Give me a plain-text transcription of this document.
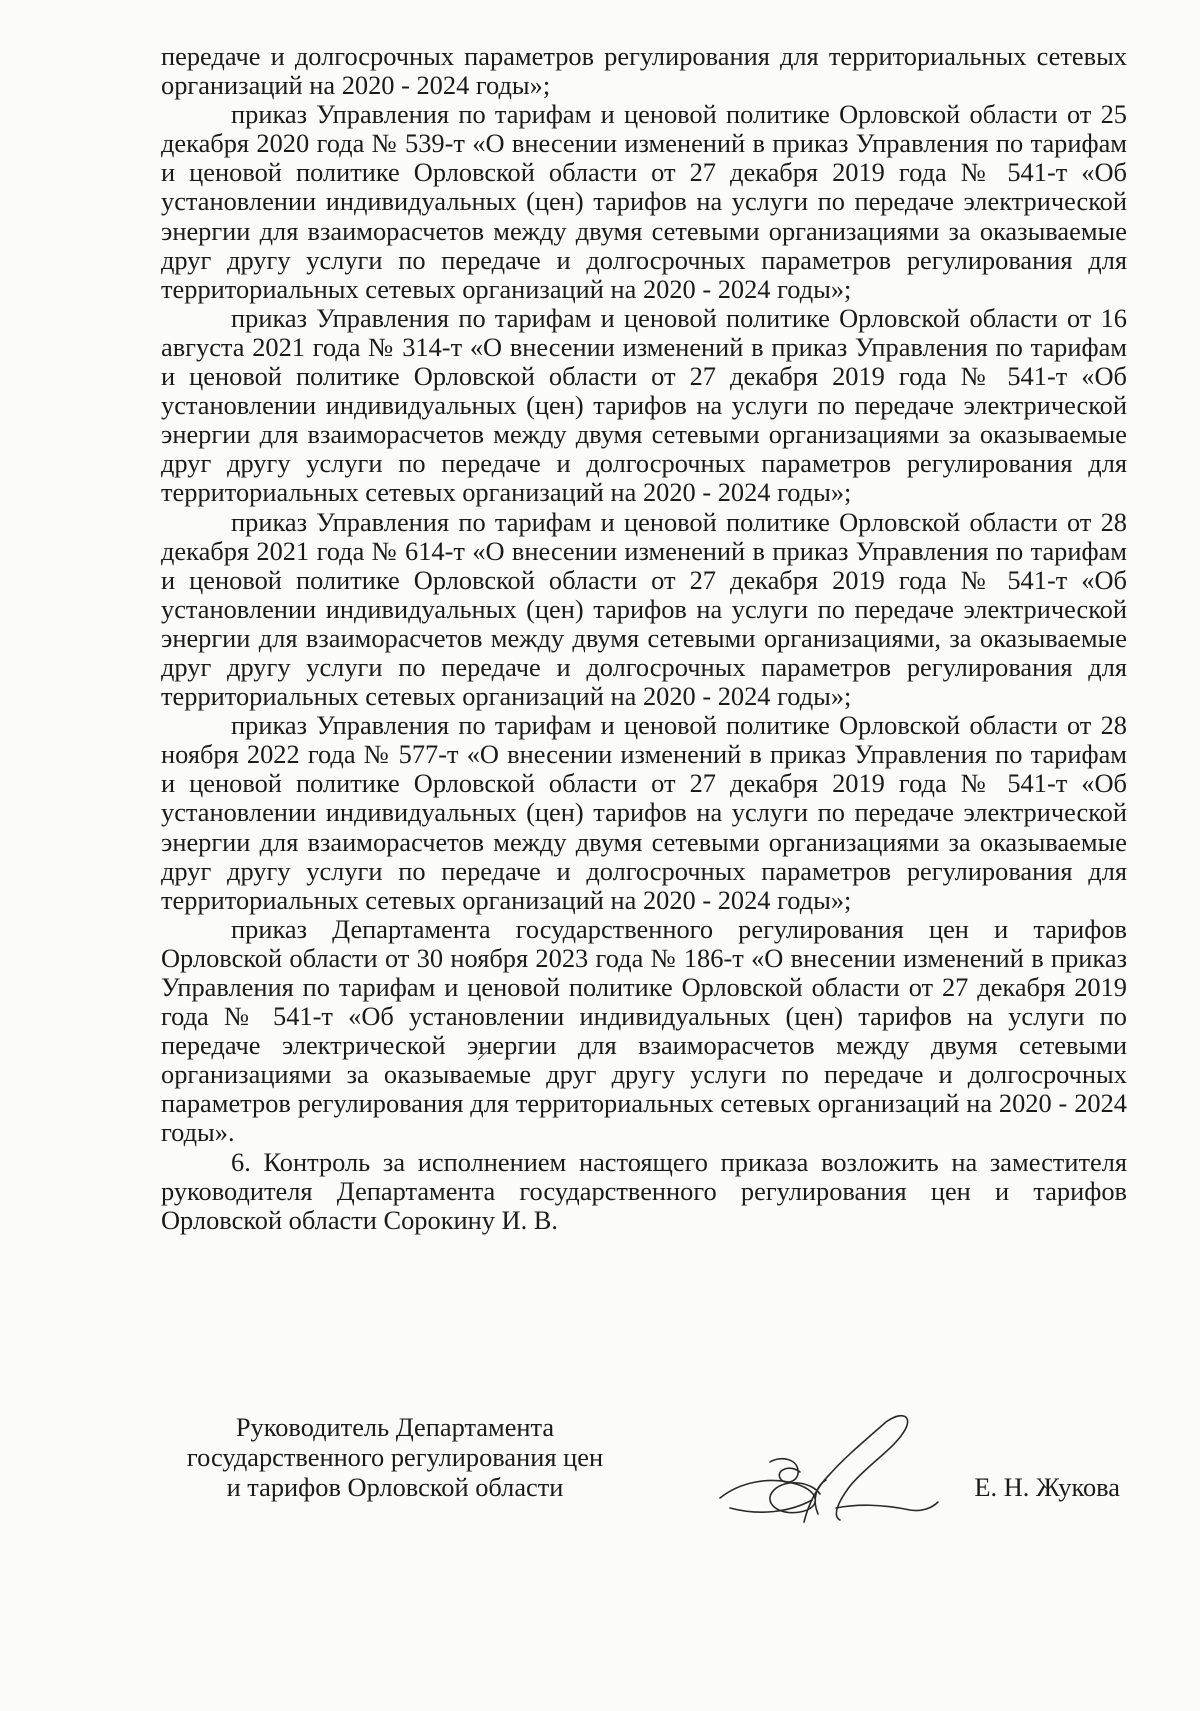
передаче и долгосрочных параметров регулирования для территориальных сетевых организаций на 2020 - 2024 годы»;

приказ Управления по тарифам и ценовой политике Орловской области от 25 декабря 2020 года № 539-т «О внесении изменений в приказ Управления по тарифам и ценовой политике Орловской области от 27 декабря 2019 года № 541-т «Об установлении индивидуальных (цен) тарифов на услуги по передаче электрической энергии для взаиморасчетов между двумя сетевыми организациями за оказываемые друг другу услуги по передаче и долгосрочных параметров регулирования для территориальных сетевых организаций на 2020 - 2024 годы»;

приказ Управления по тарифам и ценовой политике Орловской области от 16 августа 2021 года № 314-т «О внесении изменений в приказ Управления по тарифам и ценовой политике Орловской области от 27 декабря 2019 года № 541-т «Об установлении индивидуальных (цен) тарифов на услуги по передаче электрической энергии для взаиморасчетов между двумя сетевыми организациями за оказываемые друг другу услуги по передаче и долгосрочных параметров регулирования для территориальных сетевых организаций на 2020 - 2024 годы»;

приказ Управления по тарифам и ценовой политике Орловской области от 28 декабря 2021 года № 614-т «О внесении изменений в приказ Управления по тарифам и ценовой политике Орловской области от 27 декабря 2019 года № 541-т «Об установлении индивидуальных (цен) тарифов на услуги по передаче электрической энергии для взаиморасчетов между двумя сетевыми организациями, за оказываемые друг другу услуги по передаче и долгосрочных параметров регулирования для территориальных сетевых организаций на 2020 - 2024 годы»;

приказ Управления по тарифам и ценовой политике Орловской области от 28 ноября 2022 года № 577-т «О внесении изменений в приказ Управления по тарифам и ценовой политике Орловской области от 27 декабря 2019 года № 541-т «Об установлении индивидуальных (цен) тарифов на услуги по передаче электрической энергии для взаиморасчетов между двумя сетевыми организациями за оказываемые друг другу услуги по передаче и долгосрочных параметров регулирования для территориальных сетевых организаций на 2020 - 2024 годы»;

приказ Департамента государственного регулирования цен и тарифов Орловской области от 30 ноября 2023 года № 186-т «О внесении изменений в приказ Управления по тарифам и ценовой политике Орловской области от 27 декабря 2019 года № 541-т «Об установлении индивидуальных (цен) тарифов на услуги по передаче электрической энергии для взаиморасчетов между двумя сетевыми организациями за оказываемые друг другу услуги по передаче и долгосрочных параметров регулирования для территориальных сетевых организаций на 2020 - 2024 годы».

6. Контроль за исполнением настоящего приказа возложить на заместителя руководителя Департамента государственного регулирования цен и тарифов Орловской области Сорокину И. В.

Руководитель Департамента
государственного регулирования цен
и тарифов Орловской области	Е. Н. Жукова
